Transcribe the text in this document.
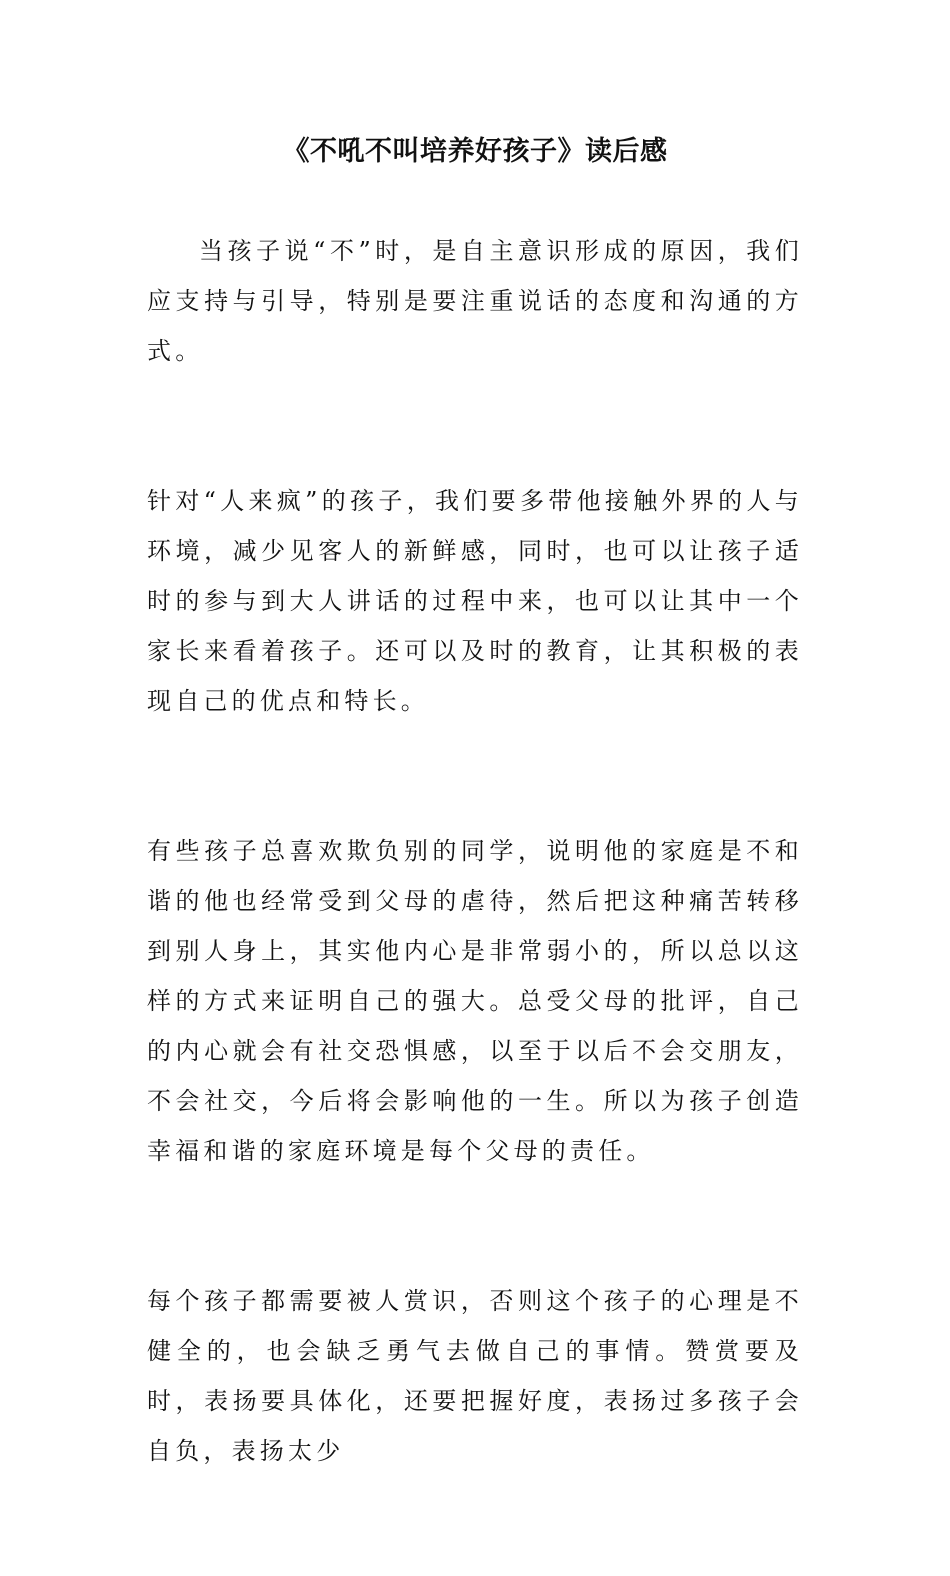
《不吼不叫培养好孩子》读后感

当孩子说“不”时，是自主意识形成的原因，我们应支持与引导，特别是要注重说话的态度和沟通的方式。

针对“人来疯”的孩子，我们要多带他接触外界的人与环境，减少见客人的新鲜感，同时，也可以让孩子适时的参与到大人讲话的过程中来，也可以让其中一个家长来看着孩子。还可以及时的教育，让其积极的表现自己的优点和特长。

有些孩子总喜欢欺负别的同学，说明他的家庭是不和谐的他也经常受到父母的虐待，然后把这种痛苦转移到别人身上，其实他内心是非常弱小的，所以总以这样的方式来证明自己的强大。总受父母的批评，自己的内心就会有社交恐惧感，以至于以后不会交朋友，不会社交，今后将会影响他的一生。所以为孩子创造幸福和谐的家庭环境是每个父母的责任。

每个孩子都需要被人赏识，否则这个孩子的心理是不健全的，也会缺乏勇气去做自己的事情。赞赏要及时，表扬要具体化，还要把握好度，表扬过多孩子会自负，表扬太少
